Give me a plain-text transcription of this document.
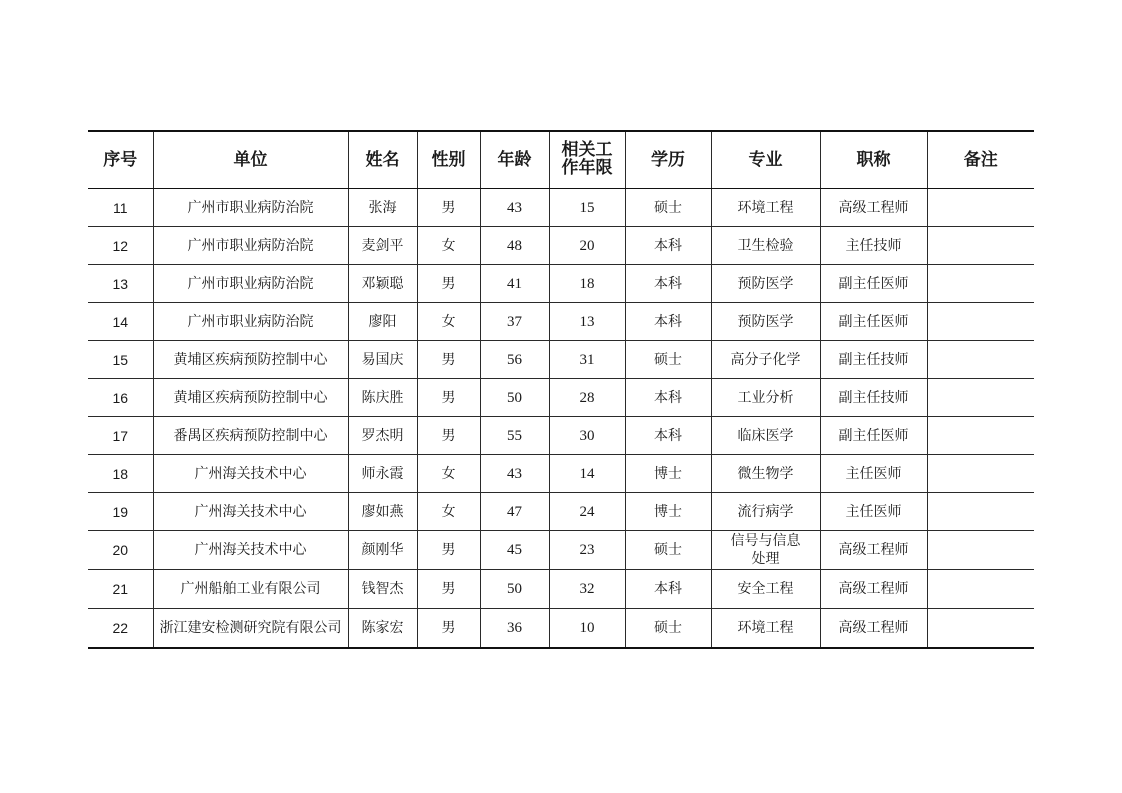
序号	单位	姓名	性别	年龄	相关工作年限	学历	专业	职称	备注
11	广州市职业病防治院	张海	男	43	15	硕士	环境工程	高级工程师	
12	广州市职业病防治院	麦剑平	女	48	20	本科	卫生检验	主任技师	
13	广州市职业病防治院	邓颖聪	男	41	18	本科	预防医学	副主任医师	
14	广州市职业病防治院	廖阳	女	37	13	本科	预防医学	副主任医师	
15	黄埔区疾病预防控制中心	易国庆	男	56	31	硕士	高分子化学	副主任技师	
16	黄埔区疾病预防控制中心	陈庆胜	男	50	28	本科	工业分析	副主任技师	
17	番禺区疾病预防控制中心	罗杰明	男	55	30	本科	临床医学	副主任医师	
18	广州海关技术中心	师永霞	女	43	14	博士	微生物学	主任医师	
19	广州海关技术中心	廖如燕	女	47	24	博士	流行病学	主任医师	
20	广州海关技术中心	颜刚华	男	45	23	硕士	信号与信息处理	高级工程师	
21	广州船舶工业有限公司	钱智杰	男	50	32	本科	安全工程	高级工程师	
22	浙江建安检测研究院有限公司	陈家宏	男	36	10	硕士	环境工程	高级工程师	
